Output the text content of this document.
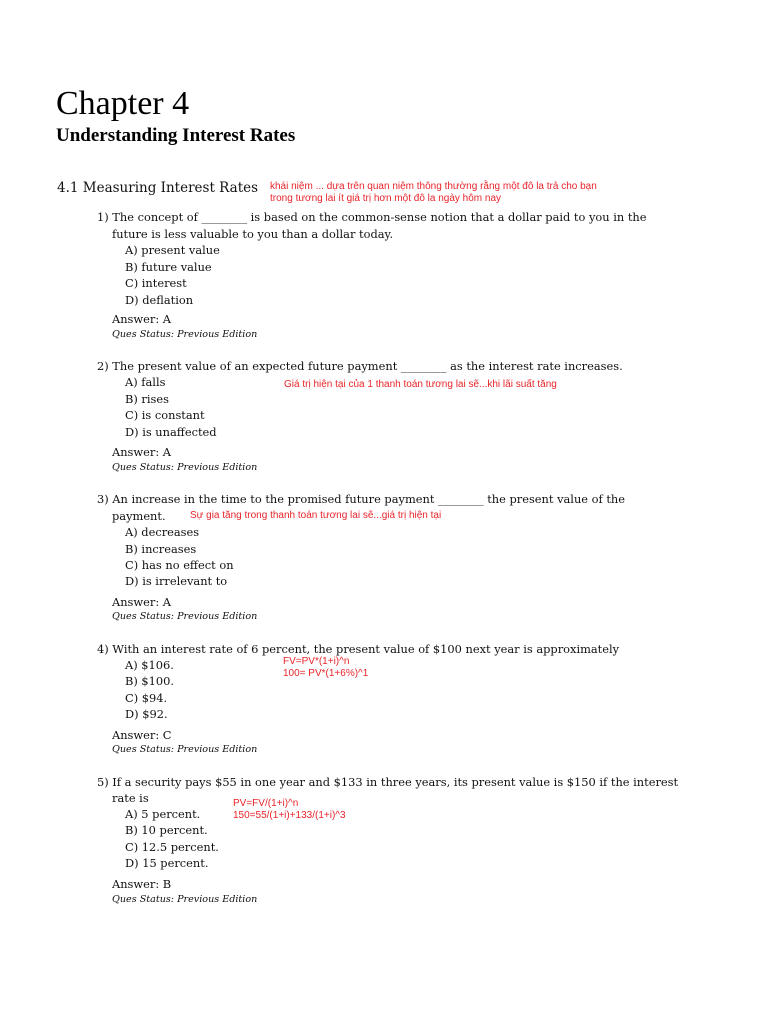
Chapter 4
Understanding Interest Rates
4.1 Measuring Interest Rates khái niệm ... dựa trên quan niệm thông thường rằng một đô la trả cho bạn
trong tương lai ít giá trị hơn một đô la ngày hôm nay
1) The concept of ________ is based on the common-sense notion that a dollar paid to you in the
future is less valuable to you than a dollar today.
A) present value
B) future value
C) interest
D) deflation
Answer: A
Ques Status: Previous Edition
2) The present value of an expected future payment ________ as the interest rate increases.
A) falls	Giá trị hiện tại của 1 thanh toán tương lai sẽ...khi lãi suất tăng
B) rises
C) is constant
D) is unaffected
Answer: A
Ques Status: Previous Edition
3) An increase in the time to the promised future payment ________ the present value of the
payment. Sự gia tăng trong thanh toán tương lai sẽ...giá trị hiện tại
A) decreases
B) increases
C) has no effect on
D) is irrelevant to
Answer: A
Ques Status: Previous Edition
4) With an interest rate of 6 percent, the present value of $100 next year is approximately
FV=PV*(1+i)^n
A) $106.
100= PV*(1+6%)^1
B) $100.
C) $94.
D) $92.
Answer: C
Ques Status: Previous Edition
5) If a security pays $55 in one year and $133 in three years, its present value is $150 if the interest
rate is	PV=FV/(1+i)^n
A) 5 percent.	150=55/(1+i)+133/(1+i)^3
B) 10 percent.
C) 12.5 percent.
D) 15 percent.
Answer: B
Ques Status: Previous Edition
